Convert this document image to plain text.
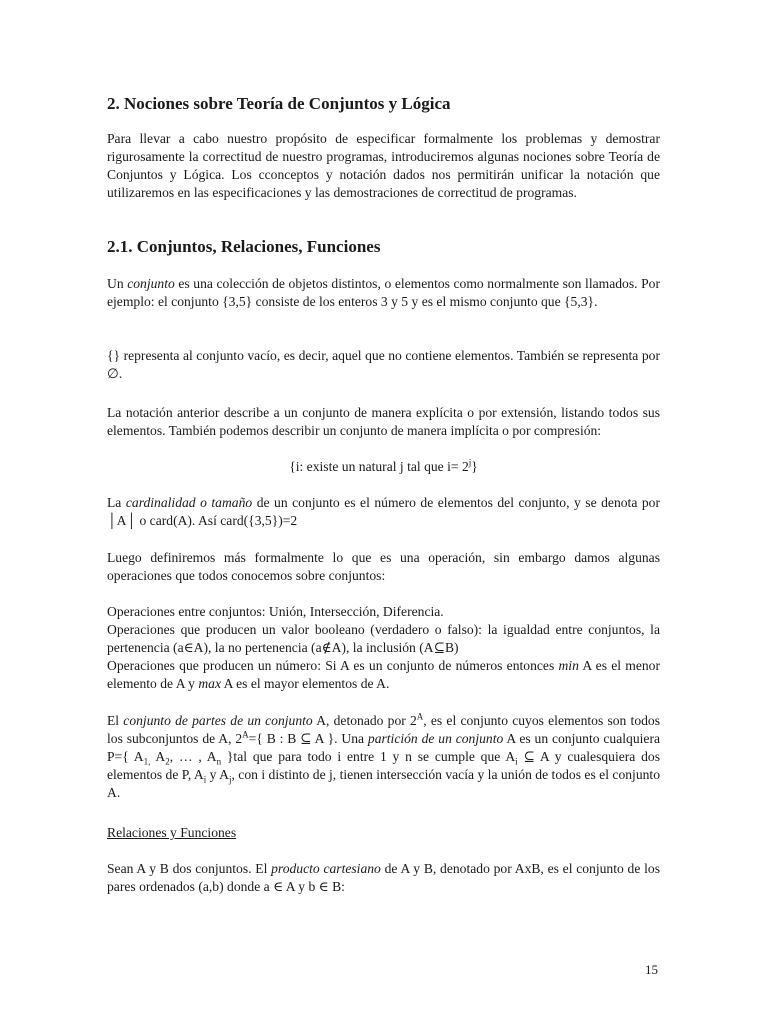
2. Nociones sobre Teoría de Conjuntos y Lógica

Para llevar a cabo nuestro propósito de especificar formalmente los problemas y demostrar rigurosamente la correctitud de nuestro programas, introduciremos algunas nociones sobre Teoría de Conjuntos y Lógica. Los cconceptos y notación dados nos permitirán unificar la notación que utilizaremos en las especificaciones y las demostraciones de correctitud de programas.

2.1. Conjuntos, Relaciones, Funciones

Un conjunto es una colección de objetos distintos, o elementos como normalmente son llamados. Por ejemplo: el conjunto {3,5} consiste de los enteros 3 y 5 y es el mismo conjunto que {5,3}.

{} representa al conjunto vacío, es decir, aquel que no contiene elementos. También se representa por ∅.

La notación anterior describe a un conjunto de manera explícita o por extensión, listando todos sus elementos. También podemos describir un conjunto de manera implícita o por compresión:

{i: existe un natural j tal que $i= 2^j$}

La cardinalidad o tamaño de un conjunto es el número de elementos del conjunto, y se denota por │A│ o card(A). Así card({3,5})=2

Luego definiremos más formalmente lo que es una operación, sin embargo damos algunas operaciones que todos conocemos sobre conjuntos:

Operaciones entre conjuntos: Unión, Intersección, Diferencia.
Operaciones que producen un valor booleano (verdadero o falso): la igualdad entre conjuntos, la pertenencia (a∈A), la no pertenencia (a∉A), la inclusión (A⊆B)
Operaciones que producen un número: Si A es un conjunto de números entonces min A es el menor elemento de A y max A es el mayor elementos de A.

El conjunto de partes de un conjunto A, detonado por $2^A$, es el conjunto cuyos elementos son todos los subconjuntos de A, $2^A=${ B : B ⊆ A }. Una partición de un conjunto A es un conjunto cualquiera P={ $A_{1,}$ $A_2$, … , $A_n$ }tal que para todo i entre 1 y n se cumple que $A_i$ ⊆ A y cualesquiera dos elementos de P, $A_i$ y $A_j$, con i distinto de j, tienen intersección vacía y la unión de todos es el conjunto A.

Relaciones y Funciones

Sean A y B dos conjuntos. El producto cartesiano de A y B, denotado por AxB, es el conjunto de los pares ordenados (a,b) donde a ∈ A y b ∈ B:

15
